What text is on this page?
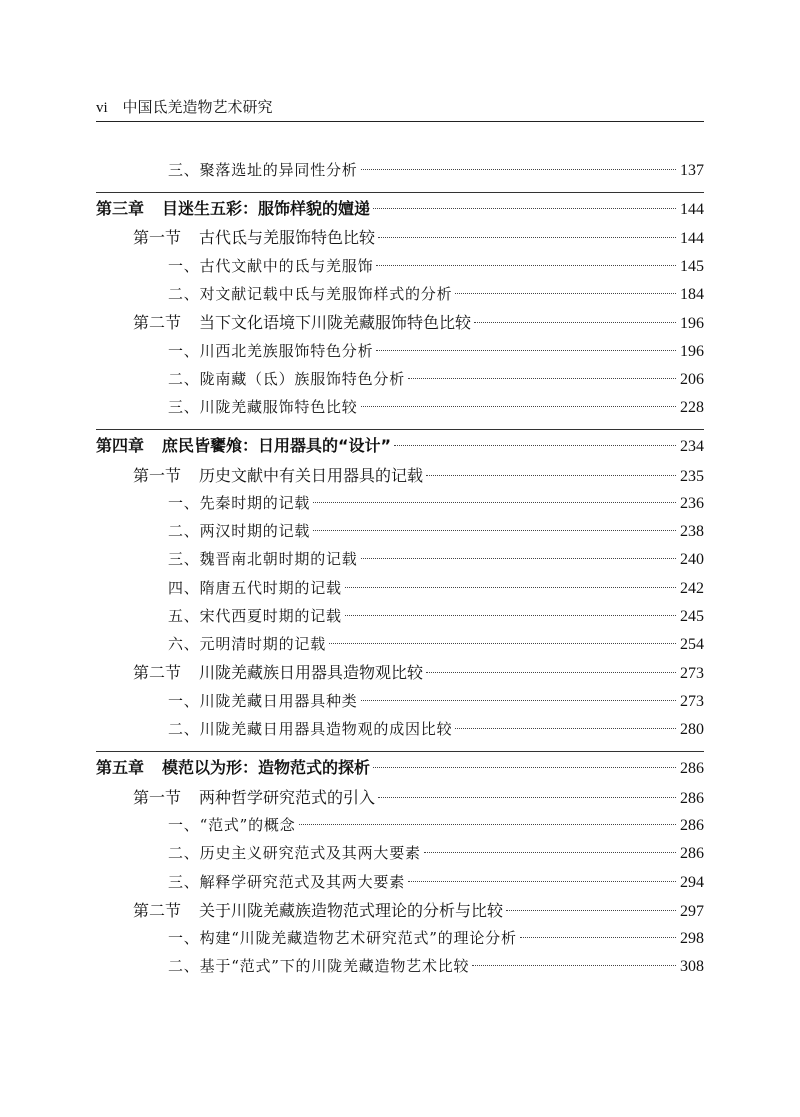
vi 中国氐羌造物艺术研究
三、聚落选址的异同性分析	137
第三章 目迷生五彩：服饰样貌的嬗递	144
第一节 古代氐与羌服饰特色比较	144
一、古代文献中的氐与羌服饰	145
二、对文献记载中氐与羌服饰样式的分析	184
第二节 当下文化语境下川陇羌藏服饰特色比较	196
一、川西北羌族服饰特色分析	196
二、陇南藏（氐）族服饰特色分析	206
三、川陇羌藏服饰特色比较	228
第四章 庶民皆饔飧：日用器具的“设计”	234
第一节 历史文献中有关日用器具的记载	235
一、先秦时期的记载	236
二、两汉时期的记载	238
三、魏晋南北朝时期的记载	240
四、隋唐五代时期的记载	242
五、宋代西夏时期的记载	245
六、元明清时期的记载	254
第二节 川陇羌藏族日用器具造物观比较	273
一、川陇羌藏日用器具种类	273
二、川陇羌藏日用器具造物观的成因比较	280
第五章 模范以为形：造物范式的探析	286
第一节 两种哲学研究范式的引入	286
一、“范式”的概念	286
二、历史主义研究范式及其两大要素	286
三、解释学研究范式及其两大要素	294
第二节 关于川陇羌藏族造物范式理论的分析与比较	297
一、构建“川陇羌藏造物艺术研究范式”的理论分析	298
二、基于“范式”下的川陇羌藏造物艺术比较	308
